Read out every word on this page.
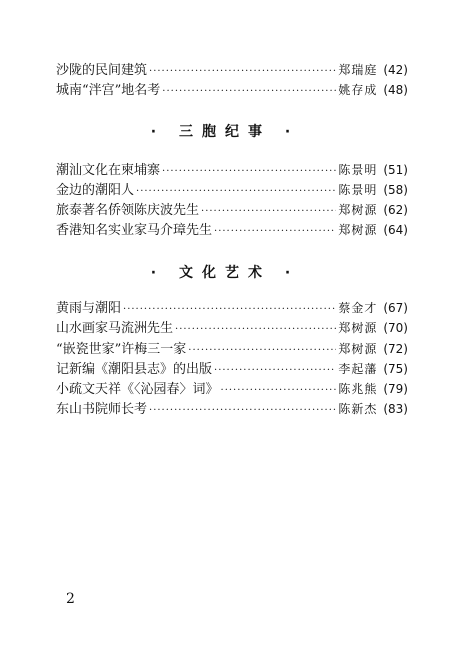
沙陇的民间建筑 ·····	郑瑞庭 (42)
城南“泮宫”地名考 ·····	姚存成 (48)
· 三胞纪事 ·
潮汕文化在柬埔寨 ·····	陈景明 (51)
金边的潮阳人 ·····	陈景明 (58)
旅泰著名侨领陈庆波先生 ·····	郑树源 (62)
香港知名实业家马介璋先生 ·····	郑树源 (64)
· 文化艺术 ·
黄雨与潮阳 ·····	蔡金才 (67)
山水画家马流洲先生 ·····	郑树源 (70)
“嵌瓷世家”许梅三一家 ·····	郑树源 (72)
记新编《潮阳县志》的出版 ·····	李起藩 (75)
小疏文天祥《〈沁园春〉词》 ·····	陈兆熊 (79)
东山书院师长考 ·····	陈新杰 (83)
2
